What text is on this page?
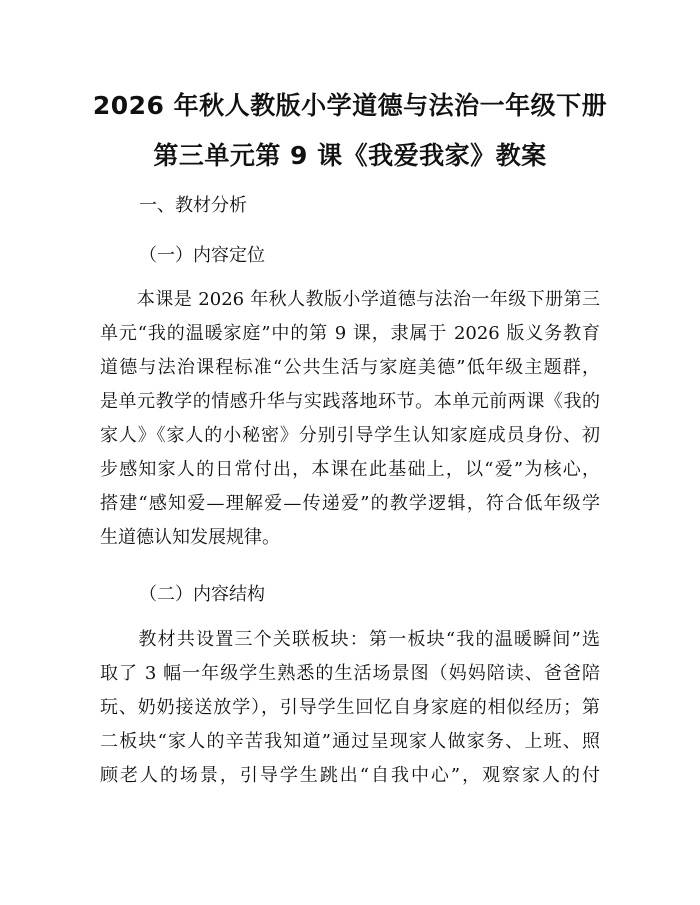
2026 年秋人教版小学道德与法治一年级下册
第三单元第 9 课《我爱我家》教案
一、教材分析
（一）内容定位
　　本课是 2026 年秋人教版小学道德与法治一年级下册第三
单元“我的温暖家庭”中的第 9 课，隶属于 2026 版义务教育
道德与法治课程标准“公共生活与家庭美德”低年级主题群，
是单元教学的情感升华与实践落地环节。本单元前两课《我的
家人》《家人的小秘密》分别引导学生认知家庭成员身份、初
步感知家人的日常付出，本课在此基础上，以“爱”为核心，
搭建“感知爱—理解爱—传递爱”的教学逻辑，符合低年级学
生道德认知发展规律。
（二）内容结构
　　教材共设置三个关联板块：第一板块“我的温暖瞬间”选
取了 3 幅一年级学生熟悉的生活场景图（妈妈陪读、爸爸陪
玩、奶奶接送放学），引导学生回忆自身家庭的相似经历；第
二板块“家人的辛苦我知道”通过呈现家人做家务、上班、照
顾老人的场景，引导学生跳出“自我中心”，观察家人的付
